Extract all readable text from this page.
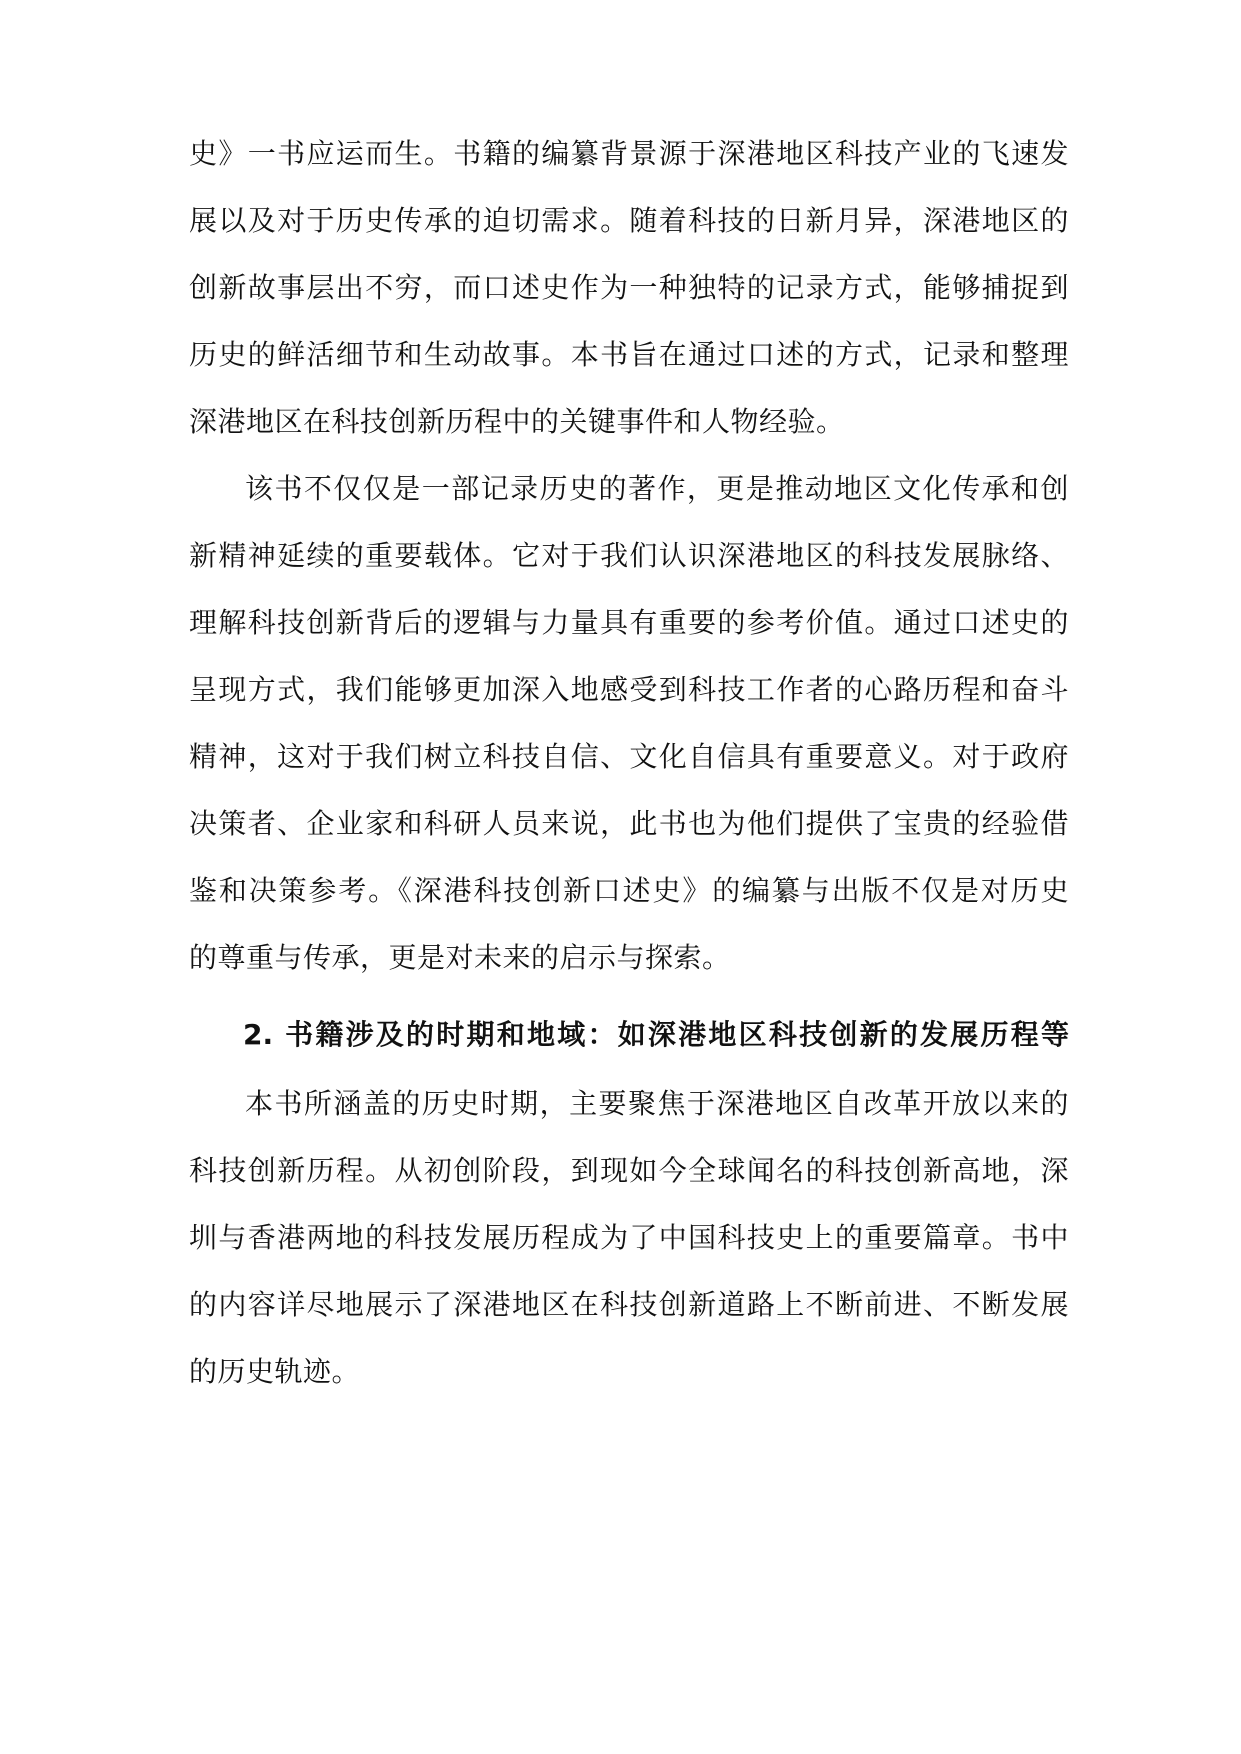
史》一书应运而生。书籍的编纂背景源于深港地区科技产业的飞速发
展以及对于历史传承的迫切需求。随着科技的日新月异，深港地区的
创新故事层出不穷，而口述史作为一种独特的记录方式，能够捕捉到
历史的鲜活细节和生动故事。本书旨在通过口述的方式，记录和整理
深港地区在科技创新历程中的关键事件和人物经验。
该书不仅仅是一部记录历史的著作，更是推动地区文化传承和创
新精神延续的重要载体。它对于我们认识深港地区的科技发展脉络、
理解科技创新背后的逻辑与力量具有重要的参考价值。通过口述史的
呈现方式，我们能够更加深入地感受到科技工作者的心路历程和奋斗
精神，这对于我们树立科技自信、文化自信具有重要意义。对于政府
决策者、企业家和科研人员来说，此书也为他们提供了宝贵的经验借
鉴和决策参考。《深港科技创新口述史》的编纂与出版不仅是对历史
的尊重与传承，更是对未来的启示与探索。
2. 书籍涉及的时期和地域：如深港地区科技创新的发展历程等
本书所涵盖的历史时期，主要聚焦于深港地区自改革开放以来的
科技创新历程。从初创阶段，到现如今全球闻名的科技创新高地，深
圳与香港两地的科技发展历程成为了中国科技史上的重要篇章。书中
的内容详尽地展示了深港地区在科技创新道路上不断前进、不断发展
的历史轨迹。
